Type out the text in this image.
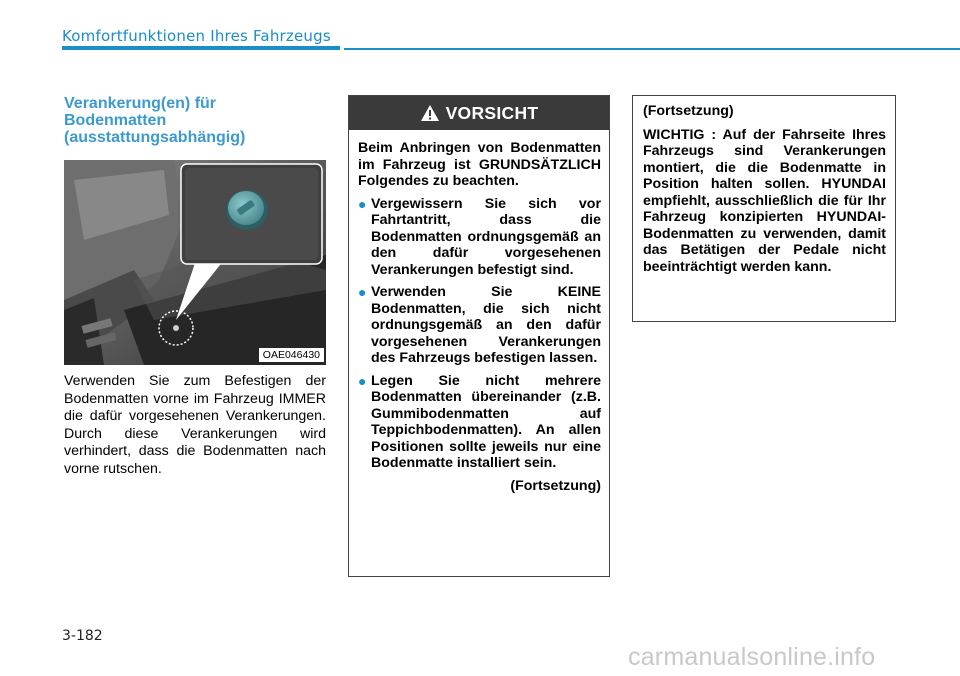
Komfortfunktionen Ihres Fahrzeugs
Verankerung(en) für
Bodenmatten
(ausstattungsabhängig)
OAE046430
Verwenden Sie zum Befestigen der Bodenmatten vorne im Fahrzeug IMMER die dafür vorgesehenen Verankerungen. Durch diese Verankerungen wird verhindert, dass die Bodenmatten nach vorne rutschen.
VORSICHT

Beim Anbringen von Bodenmatten im Fahrzeug ist GRUNDSÄTZLICH Folgendes zu beachten.

● Vergewissern Sie sich vor Fahrtantritt, dass die Bodenmatten ordnungsgemäß an den dafür vorgesehenen Verankerungen befestigt sind.
● Verwenden Sie KEINE Bodenmatten, die sich nicht ordnungsgemäß an den dafür vorgesehenen Verankerungen des Fahrzeugs befestigen lassen.
● Legen Sie nicht mehrere Bodenmatten übereinander (z.B. Gummibodenmatten auf Teppichbodenmatten). An allen Positionen sollte jeweils nur eine Bodenmatte installiert sein.
(Fortsetzung)

(Fortsetzung)

WICHTIG : Auf der Fahrseite Ihres Fahrzeugs sind Verankerungen montiert, die die Bodenmatte in Position halten sollen. HYUNDAI empfiehlt, ausschließlich die für Ihr Fahrzeug konzipierten HYUNDAI-Bodenmatten zu verwenden, damit das Betätigen der Pedale nicht beeinträchtigt werden kann.

3-182
carmanualsonline.info
